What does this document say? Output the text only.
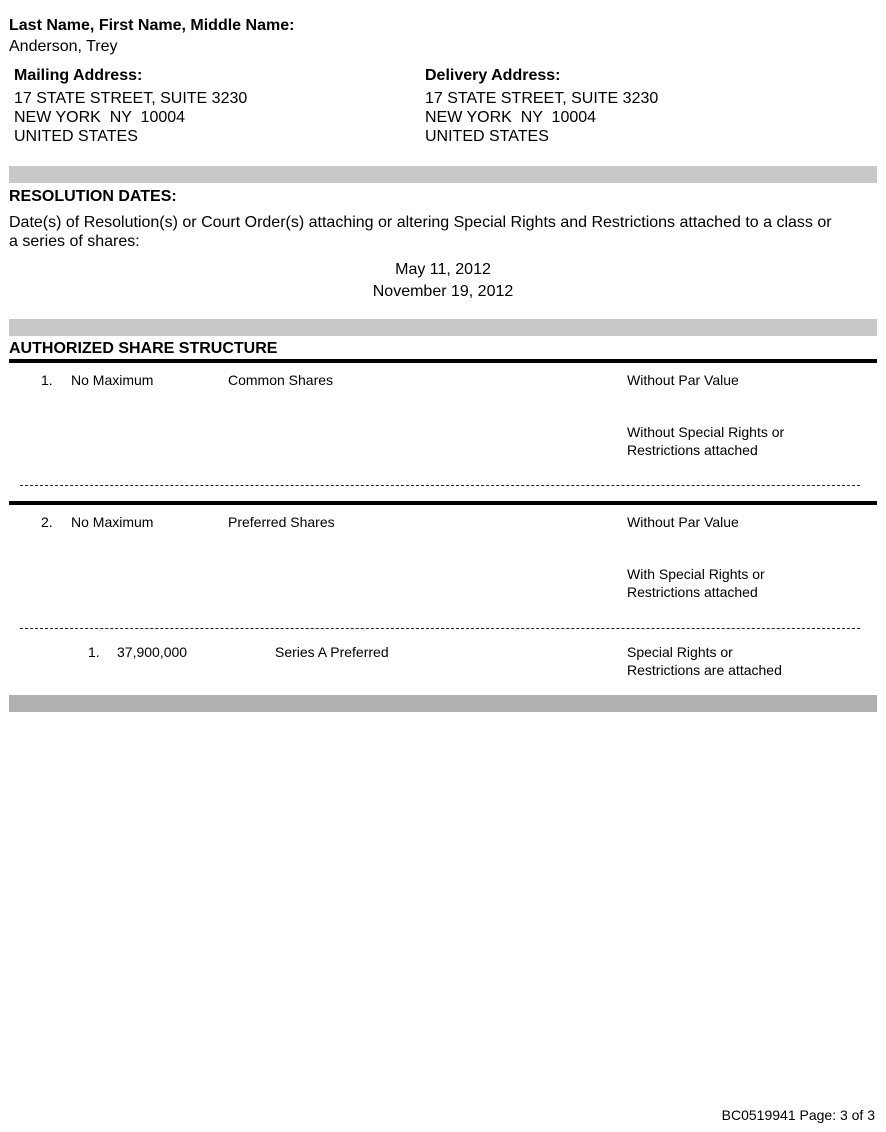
Last Name, First Name, Middle Name:
Anderson, Trey
Mailing Address:
17 STATE STREET, SUITE 3230
NEW YORK  NY  10004
UNITED STATES
Delivery Address:
17 STATE STREET, SUITE 3230
NEW YORK  NY  10004
UNITED STATES
RESOLUTION DATES:
Date(s) of Resolution(s) or Court Order(s) attaching or altering Special Rights and Restrictions attached to a class or
a series of shares:
May 11, 2012
November 19, 2012
AUTHORIZED SHARE STRUCTURE
1. No Maximum	Common Shares	Without Par Value
Without Special Rights or
Restrictions attached
2. No Maximum	Preferred Shares	Without Par Value
With Special Rights or
Restrictions attached
1. 37,900,000	Series A Preferred	Special Rights or
Restrictions are attached
BC0519941 Page: 3 of 3
